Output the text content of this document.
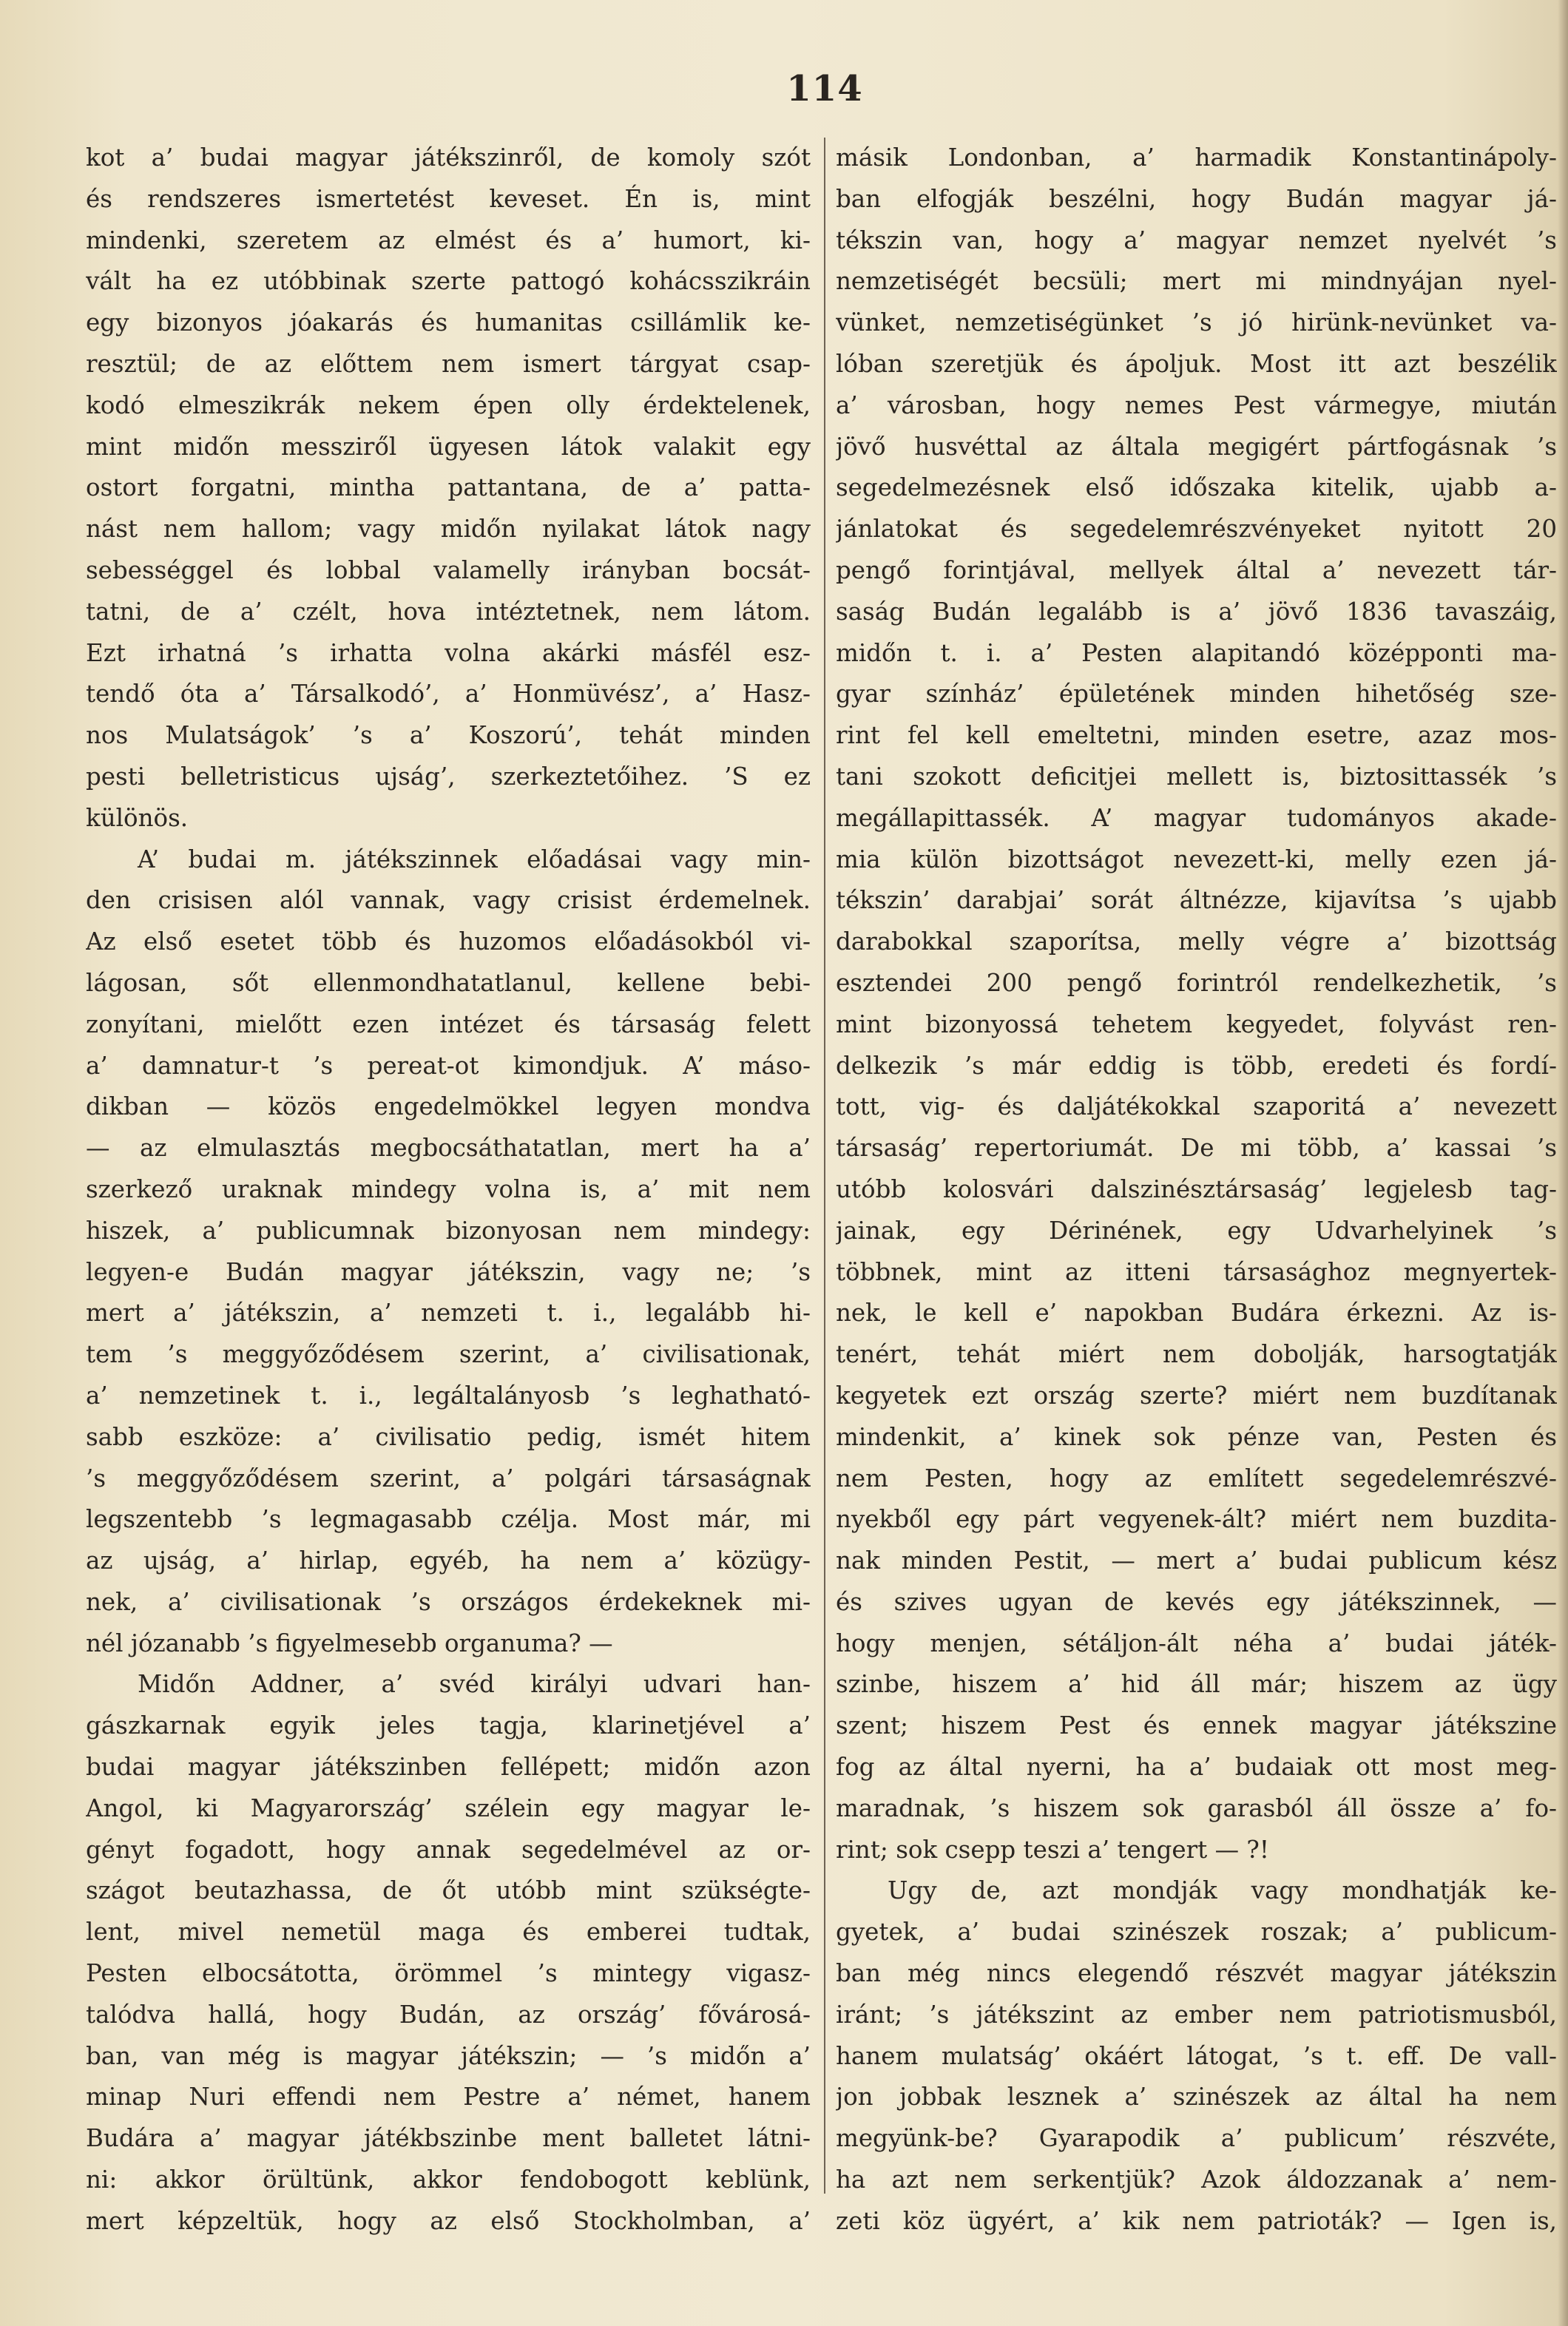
114
kot a’ budai magyar játékszinről, de komoly szót
és rendszeres ismertetést keveset. Én is, mint
mindenki, szeretem az elmést és a’ humort, ki-
vált ha ez utóbbinak szerte pattogó kohácsszikráin
egy bizonyos jóakarás és humanitas csillámlik ke-
resztül; de az előttem nem ismert tárgyat csap-
kodó elmeszikrák nekem épen olly érdektelenek,
mint midőn messziről ügyesen látok valakit egy
ostort forgatni, mintha pattantana, de a’ patta-
nást nem hallom; vagy midőn nyilakat látok nagy
sebességgel és lobbal valamelly irányban bocsát-
tatni, de a’ czélt, hova intéztetnek, nem látom.
Ezt irhatná ’s irhatta volna akárki másfél esz-
tendő óta a’ Társalkodó’, a’ Honmüvész’, a’ Hasz-
nos Mulatságok’ ’s a’ Koszorú’, tehát minden
pesti belletristicus ujság’, szerkeztetőihez. ’S ez
különös.
A’ budai m. játékszinnek előadásai vagy min-
den crisisen alól vannak, vagy crisist érdemelnek.
Az első esetet több és huzomos előadásokból vi-
lágosan, sőt ellenmondhatatlanul, kellene bebi-
zonyítani, mielőtt ezen intézet és társaság felett
a’ damnatur-t ’s pereat-ot kimondjuk. A’ máso-
dikban — közös engedelmökkel legyen mondva
— az elmulasztás megbocsáthatatlan, mert ha a’
szerkező uraknak mindegy volna is, a’ mit nem
hiszek, a’ publicumnak bizonyosan nem mindegy:
legyen-e Budán magyar játékszin, vagy ne; ’s
mert a’ játékszin, a’ nemzeti t. i., legalább hi-
tem ’s meggyőződésem szerint, a’ civilisationak,
a’ nemzetinek t. i., legáltalányosb ’s leghatható-
sabb eszköze: a’ civilisatio pedig, ismét hitem
’s meggyőződésem szerint, a’ polgári társaságnak
legszentebb ’s legmagasabb czélja. Most már, mi
az ujság, a’ hirlap, egyéb, ha nem a’ közügy-
nek, a’ civilisationak ’s országos érdekeknek mi-
nél józanabb ’s figyelmesebb organuma? —
Midőn Addner, a’ svéd királyi udvari han-
gászkarnak egyik jeles tagja, klarinetjével a’
budai magyar játékszinben fellépett; midőn azon
Angol, ki Magyarország’ szélein egy magyar le-
gényt fogadott, hogy annak segedelmével az or-
szágot beutazhassa, de őt utóbb mint szükségte-
lent, mivel nemetül maga és emberei tudtak,
Pesten elbocsátotta, örömmel ’s mintegy vigasz-
talódva hallá, hogy Budán, az ország’ fővárosá-
ban, van még is magyar játékszin; — ’s midőn a’
minap Nuri effendi nem Pestre a’ német, hanem
Budára a’ magyar játékbszinbe ment balletet látni-
ni: akkor örültünk, akkor fendobogott keblünk,
mert képzeltük, hogy az első Stockholmban, a’
másik Londonban, a’ harmadik Konstantinápoly-
ban elfogják beszélni, hogy Budán magyar já-
tékszin van, hogy a’ magyar nemzet nyelvét ’s
nemzetiségét becsüli; mert mi mindnyájan nyel-
vünket, nemzetiségünket ’s jó hirünk-nevünket va-
lóban szeretjük és ápoljuk. Most itt azt beszélik
a’ városban, hogy nemes Pest vármegye, miután
jövő husvéttal az általa megigért pártfogásnak ’s
segedelmezésnek első időszaka kitelik, ujabb a-
jánlatokat és segedelemrészvényeket nyitott 20
pengő forintjával, mellyek által a’ nevezett tár-
saság Budán legalább is a’ jövő 1836 tavaszáig,
midőn t. i. a’ Pesten alapitandó középponti ma-
gyar színház’ épületének minden hihetőség sze-
rint fel kell emeltetni, minden esetre, azaz mos-
tani szokott deficitjei mellett is, biztosittassék ’s
megállapittassék. A’ magyar tudományos akade-
mia külön bizottságot nevezett-ki, melly ezen já-
tékszin’ darabjai’ sorát áltnézze, kijavítsa ’s ujabb
darabokkal szaporítsa, melly végre a’ bizottság
esztendei 200 pengő forintról rendelkezhetik, ’s
mint bizonyossá tehetem kegyedet, folyvást ren-
delkezik ’s már eddig is több, eredeti és fordí-
tott, vig- és daljátékokkal szaporitá a’ nevezett
társaság’ repertoriumát. De mi több, a’ kassai ’s
utóbb kolosvári dalszinésztársaság’ legjelesb tag-
jainak, egy Dérinének, egy Udvarhelyinek ’s
többnek, mint az itteni társasághoz megnyertek-
nek, le kell e’ napokban Budára érkezni. Az is-
tenért, tehát miért nem dobolják, harsogtatják
kegyetek ezt ország szerte? miért nem buzdítanak
mindenkit, a’ kinek sok pénze van, Pesten és
nem Pesten, hogy az említett segedelemrészvé-
nyekből egy párt vegyenek-ált? miért nem buzdita-
nak minden Pestit, — mert a’ budai publicum kész
és szives ugyan de kevés egy játékszinnek, —
hogy menjen, sétáljon-ált néha a’ budai játék-
szinbe, hiszem a’ hid áll már; hiszem az ügy
szent; hiszem Pest és ennek magyar játékszine
fog az által nyerni, ha a’ budaiak ott most meg-
maradnak, ’s hiszem sok garasból áll össze a’ fo-
rint; sok csepp teszi a’ tengert — ?!
Ugy de, azt mondják vagy mondhatják ke-
gyetek, a’ budai szinészek roszak; a’ publicum-
ban még nincs elegendő részvét magyar játékszin
iránt; ’s játékszint az ember nem patriotismusból,
hanem mulatság’ okáért látogat, ’s t. eff. De vall-
jon jobbak lesznek a’ szinészek az által ha nem
megyünk-be? Gyarapodik a’ publicum’ részvéte,
ha azt nem serkentjük? Azok áldozzanak a’ nem-
zeti köz ügyért, a’ kik nem patrioták? — Igen is,
